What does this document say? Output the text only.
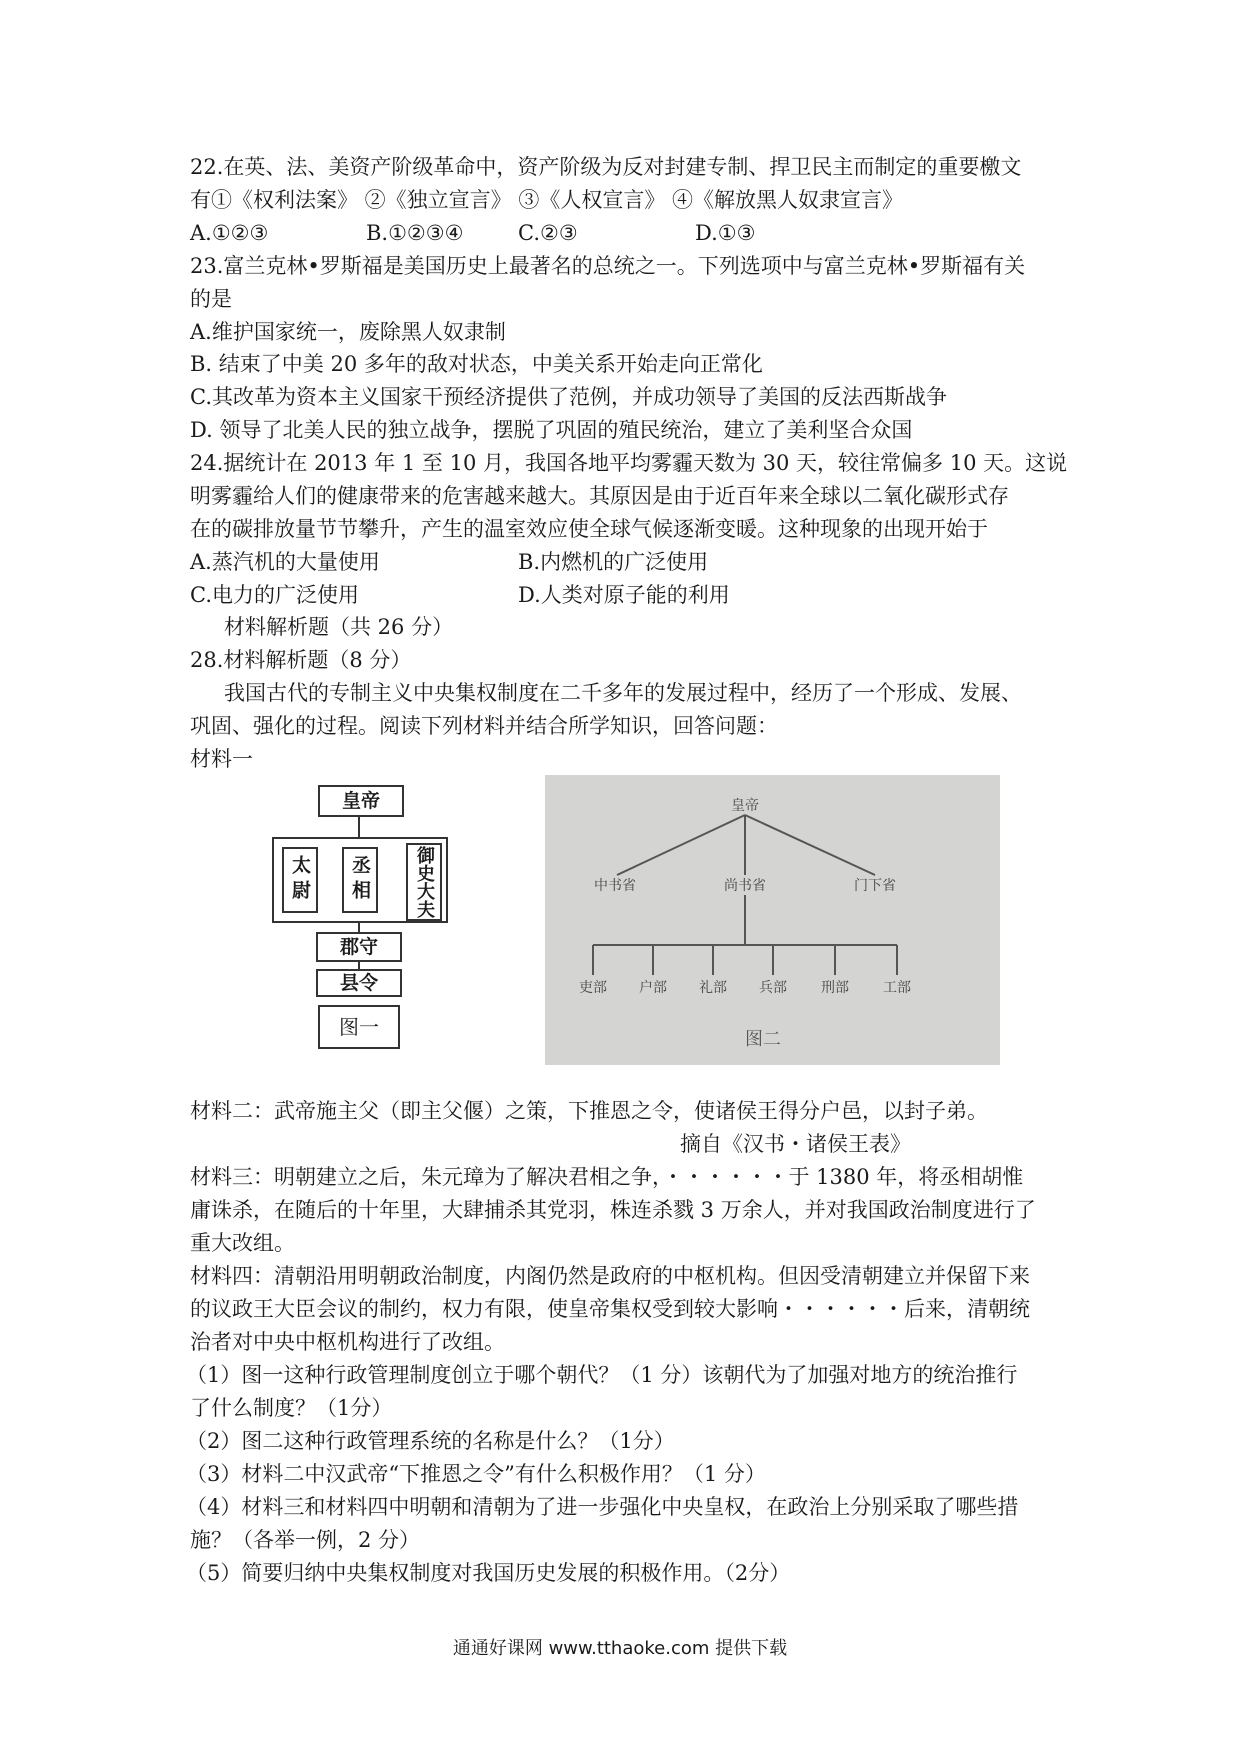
22.在英、法、美资产阶级革命中，资产阶级为反对封建专制、捍卫民主而制定的重要檄文
有①《权利法案》 ②《独立宣言》 ③《人权宣言》 ④《解放黑人奴隶宣言》
A.①②③	B.①②③④	C.②③	D.①③
23.富兰克林•罗斯福是美国历史上最著名的总统之一。下列选项中与富兰克林•罗斯福有关
的是
A.维护国家统一，废除黑人奴隶制
B. 结束了中美 20 多年的敌对状态，中美关系开始走向正常化
C.其改革为资本主义国家干预经济提供了范例，并成功领导了美国的反法西斯战争
D. 领导了北美人民的独立战争，摆脱了巩固的殖民统治，建立了美利坚合众国
24.据统计在 2013 年 1 至 10 月，我国各地平均雾霾天数为 30 天，较往常偏多 10 天。这说
明雾霾给人们的健康带来的危害越来越大。其原因是由于近百年来全球以二氧化碳形式存
在的碳排放量节节攀升，产生的温室效应使全球气候逐渐变暖。这种现象的出现开始于
A.蒸汽机的大量使用	B.内燃机的广泛使用
C.电力的广泛使用	D.人类对原子能的利用
材料解析题（共 26 分）
28.材料解析题（8 分）
我国古代的专制主义中央集权制度在二千多年的发展过程中，经历了一个形成、发展、
巩固、强化的过程。阅读下列材料并结合所学知识，回答问题：
材料一
皇帝
太尉	丞相	御史大夫
郡守
县令
图一
皇帝
中书省	尚书省	门下省
吏部 户部 礼部 兵部 刑部 工部
图二
材料二：武帝施主父（即主父偃）之策，下推恩之令，使诸侯王得分户邑，以封子弟。
摘自《汉书・诸侯王表》
材料三：明朝建立之后，朱元璋为了解决君相之争，・・・・・・于 1380 年，将丞相胡惟
庸诛杀，在随后的十年里，大肆捕杀其党羽，株连杀戮 3 万余人，并对我国政治制度进行了
重大改组。
材料四：清朝沿用明朝政治制度，内阁仍然是政府的中枢机构。但因受清朝建立并保留下来
的议政王大臣会议的制约，权力有限，使皇帝集权受到较大影响・・・・・・后来，清朝统
治者对中央中枢机构进行了改组。
（1）图一这种行政管理制度创立于哪个朝代？（1 分）该朝代为了加强对地方的统治推行
了什么制度？（1分）
（2）图二这种行政管理系统的名称是什么？（1分）
（3）材料二中汉武帝“下推恩之令”有什么积极作用？（1 分）
（4）材料三和材料四中明朝和清朝为了进一步强化中央皇权，在政治上分别采取了哪些措
施？（各举一例，2 分）
（5）简要归纳中央集权制度对我国历史发展的积极作用。（2分）
通通好课网 www.tthaoke.com 提供下载
